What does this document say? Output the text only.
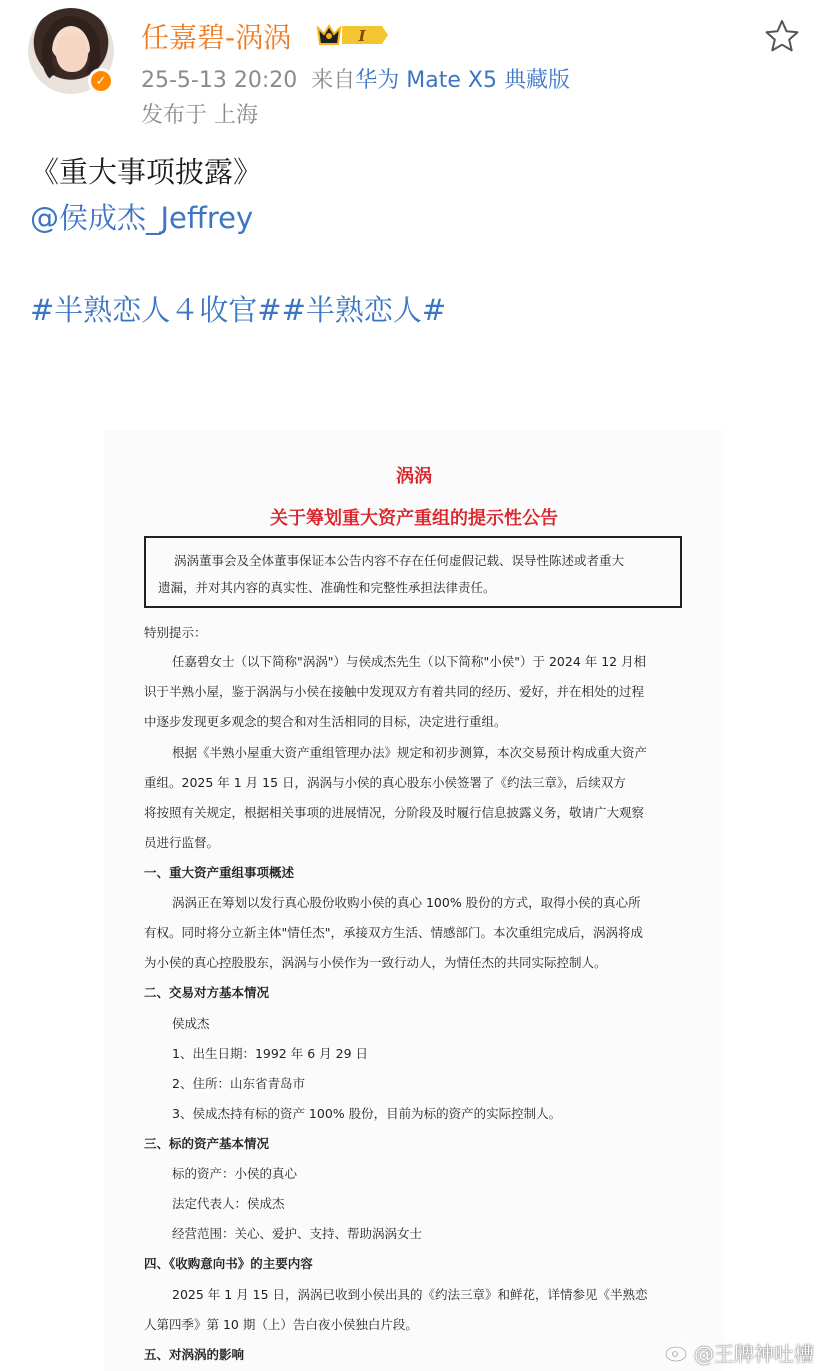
✓
任嘉碧-涡涡	I
25-5-13 20:20 来自华为 Mate X5 典藏版
发布于 上海
《重大事项披露》
@侯成杰_Jeffrey
#半熟恋人４收官##半熟恋人#
涡涡
关于筹划重大资产重组的提示性公告

涡涡董事会及全体董事保证本公告内容不存在任何虚假记载、误导性陈述或者重大

遗漏，并对其内容的真实性、准确性和完整性承担法律责任。

特别提示：
任嘉碧女士（以下简称"涡涡"）与侯成杰先生（以下简称"小侯"）于 2024 年 12 月相
识于半熟小屋，鉴于涡涡与小侯在接触中发现双方有着共同的经历、爱好，并在相处的过程
中逐步发现更多观念的契合和对生活相同的目标，决定进行重组。
根据《半熟小屋重大资产重组管理办法》规定和初步测算，本次交易预计构成重大资产
重组。2025 年 1 月 15 日，涡涡与小侯的真心股东小侯签署了《约法三章》，后续双方
将按照有关规定，根据相关事项的进展情况，分阶段及时履行信息披露义务，敬请广大观察
员进行监督。
一、重大资产重组事项概述
涡涡正在筹划以发行真心股份收购小侯的真心 100% 股份的方式，取得小侯的真心所
有权。同时将分立新主体"情任杰"，承接双方生活、情感部门。本次重组完成后，涡涡将成
为小侯的真心控股股东，涡涡与小侯作为一致行动人，为情任杰的共同实际控制人。
二、交易对方基本情况
侯成杰
1、出生日期：1992 年 6 月 29 日
2、住所：山东省青岛市
3、侯成杰持有标的资产 100% 股份，目前为标的资产的实际控制人。
三、标的资产基本情况
标的资产：小侯的真心
法定代表人：侯成杰
经营范围：关心、爱护、支持、帮助涡涡女士
四、《收购意向书》的主要内容
2025 年 1 月 15 日，涡涡已收到小侯出具的《约法三章》和鲜花，详情参见《半熟恋
人第四季》第 10 期（上）告白夜小侯独白片段。
五、对涡涡的影响	@王牌神吐槽
